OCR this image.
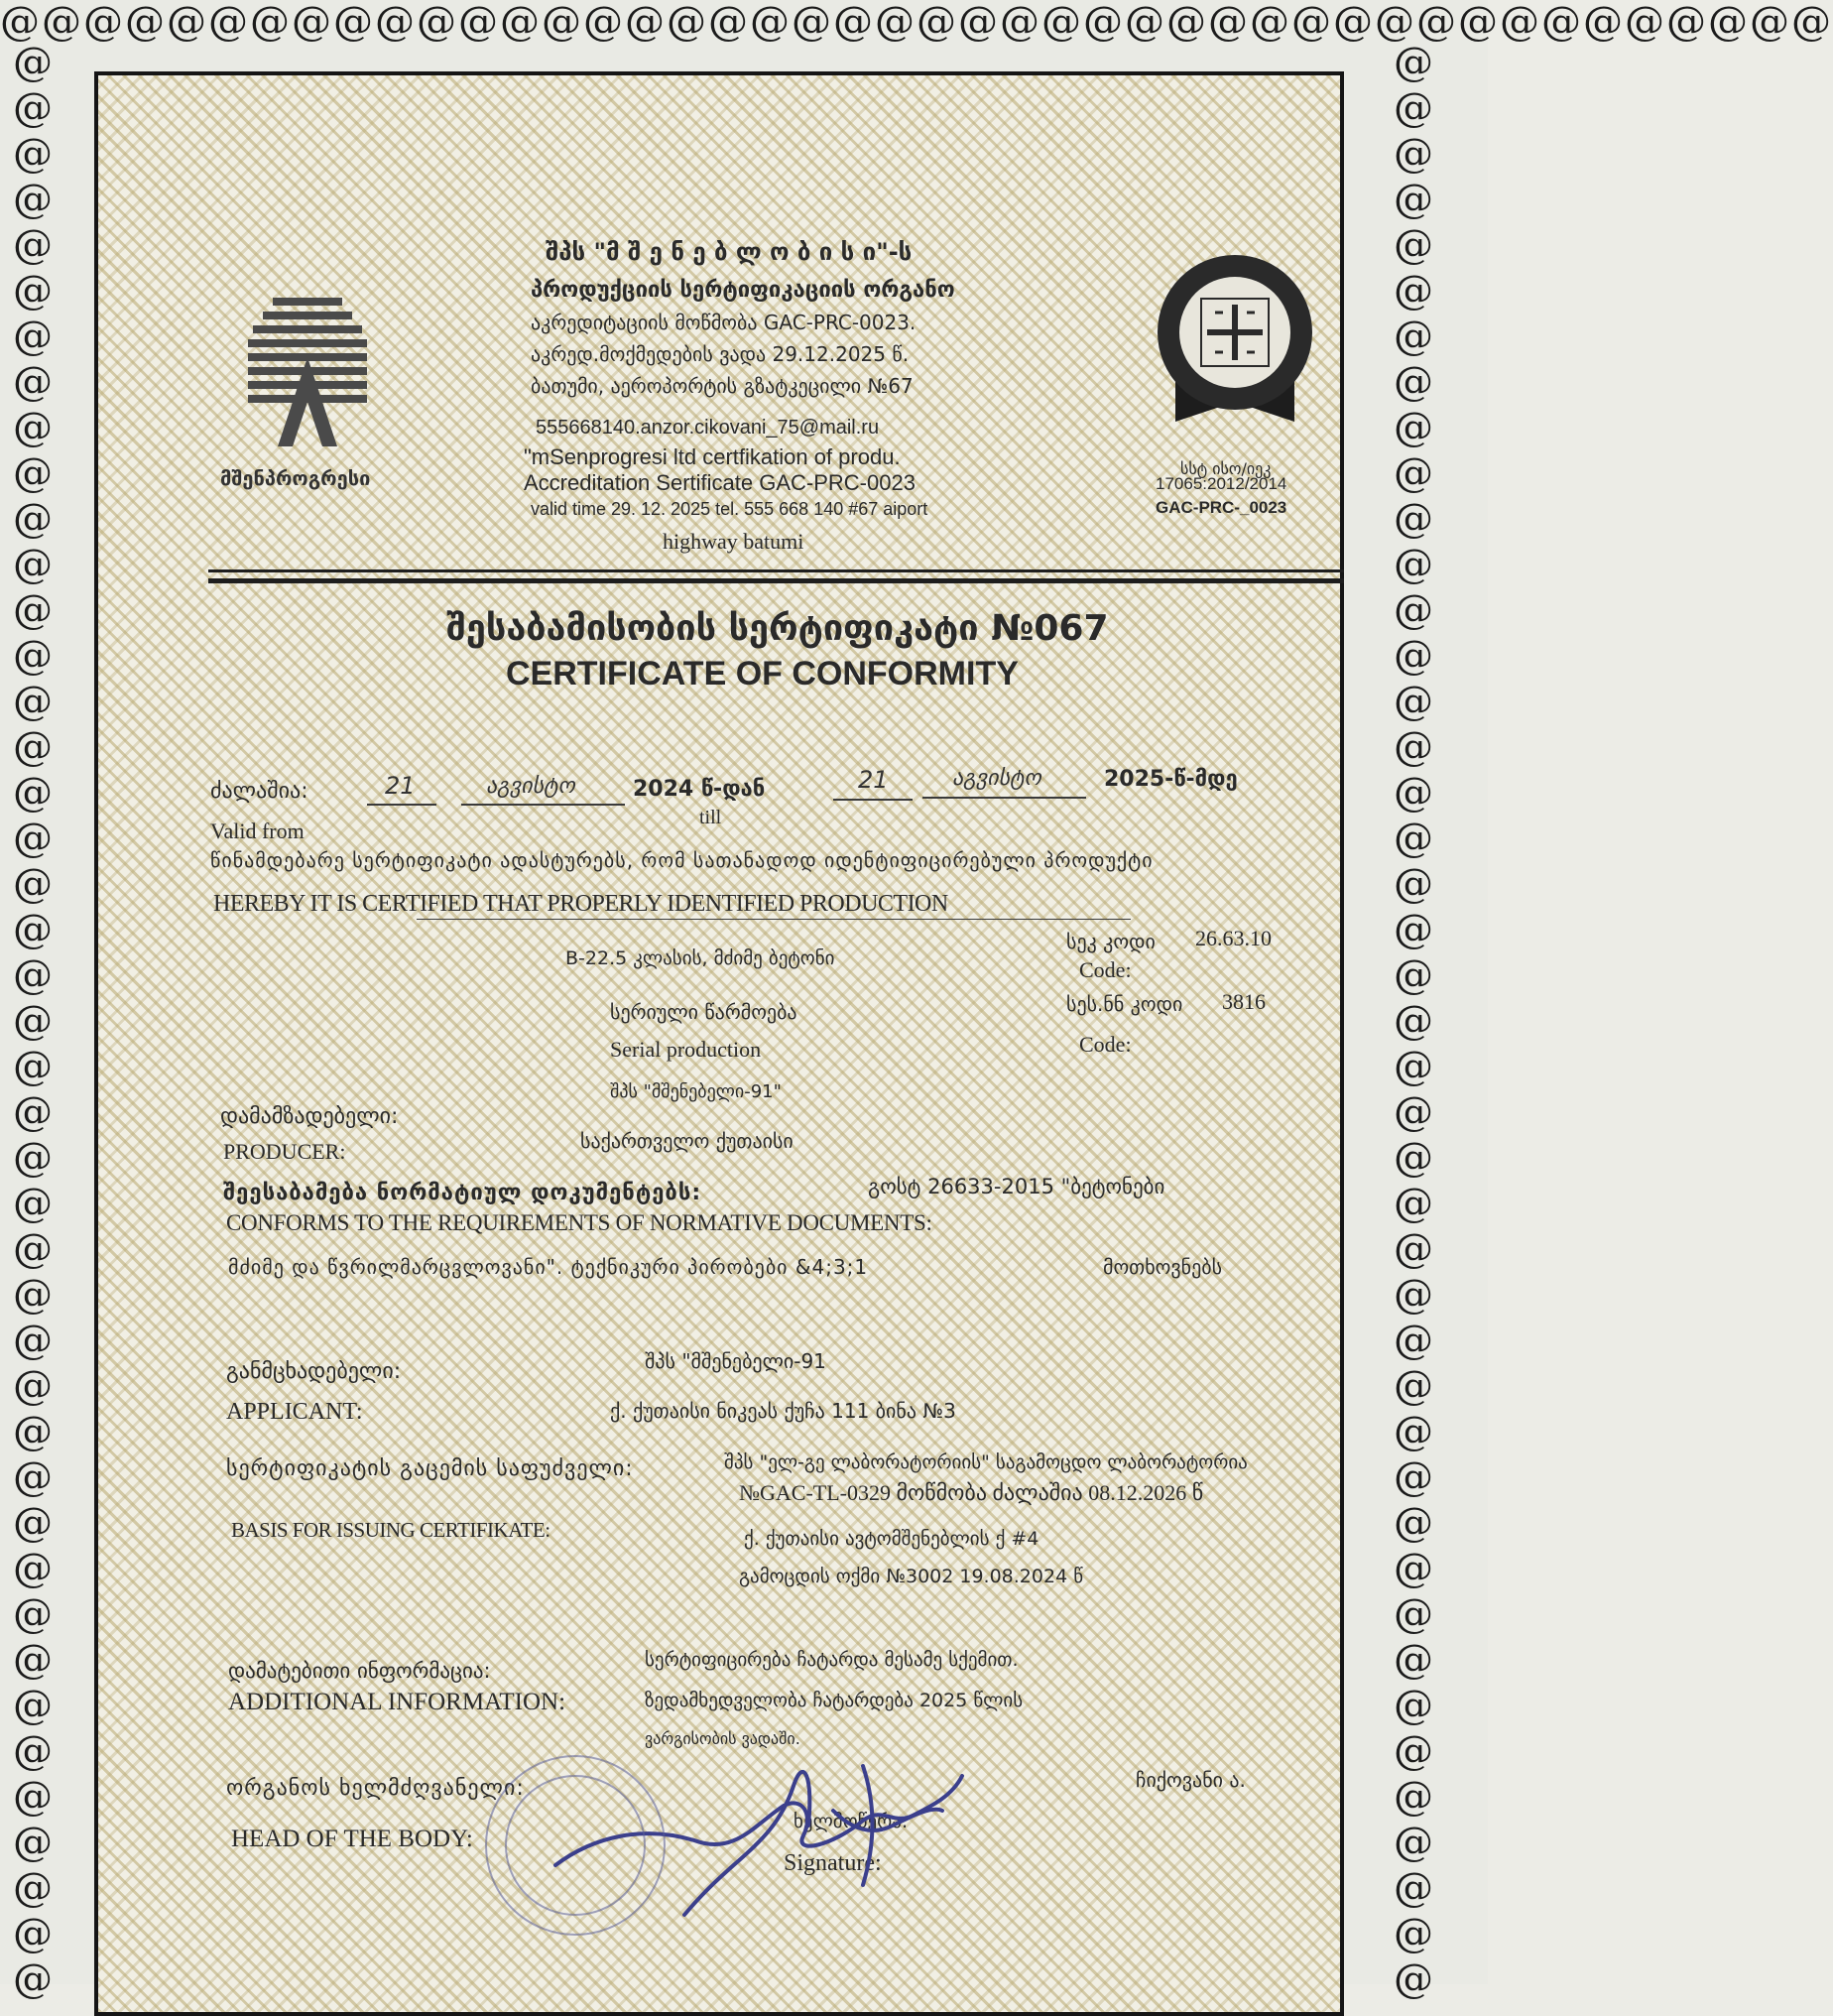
@@@@@@@@@@@@@@@@@@@@@@@@@@@@@@@@@@@@@@@@@@@@
@
@
@
@
@
@
@
@
@
@
@
@
@
@
@
@
@
@
@
@
@
@
@
@
@
@
@
@
@
@
@
@
@
@
@
@
@
@
@
@
@
@
@
@
@
@
@
@
@
@
@
@
@
@
@
@
@
@
@
@
@
@
@
@
@
@
@
@
@
@
@
@
@
@
@
@
@
@
@
@
@
@
@
@
@
@
მშენპროგრესი
შპს "მ შ ე ნ ე ბ ლ ო ბ ი ს ი"-ს
პროდუქციის სერტიფიკაციის ორგანო
აკრედიტაციის მოწმობა GAC-PRC-0023.
აკრედ.მოქმედების ვადა 29.12.2025 წ.
ბათუმი, აეროპორტის გზატკეცილი №67
555668140.anzor.cikovani_75@mail.ru
"mSenprogresi ltd certfikation of produ.
Accreditation Sertificate GAC-PRC-0023
valid time 29. 12. 2025 tel. 555 668 140 #67 aiport
highway batumi
სსტ ისო/იეკ
17065:2012/2014
GAC-PRC-_0023
შესაბამისობის სერტიფიკატი №067
CERTIFICATE OF CONFORMITY
ძალაშია:
Valid from
21	აგვისტო	2024 წ-დან
till
21	აგვისტო	2025-წ-მდე
წინამდებარე სერტიფიკატი ადასტურებს, რომ სათანადოდ იდენტიფიცირებული პროდუქტი
HEREBY IT IS CERTIFIED THAT PROPERLY IDENTIFIED PRODUCTION
B-22.5 კლასის, მძიმე ბეტონი
სეკ კოდი 26.63.10
Code:
სერიული წარმოება	სეს.ნნ კოდი 3816
Serial production	Code:
შპს "მშენებელი-91"
დამამზადებელი:
PRODUCER:	საქართველო ქუთაისი
შეესაბამება ნორმატიულ დოკუმენტებს:	გოსტ 26633-2015 "ბეტონები
CONFORMS TO THE REQUIREMENTS OF NORMATIVE DOCUMENTS:
მძიმე და წვრილმარცვლოვანი". ტექნიკური პირობები &4;3;1	მოთხოვნებს
შპს "მშენებელი-91
განმცხადებელი:
APPLICANT:	ქ. ქუთაისი ნიკეას ქუჩა 111 ბინა №3
სერტიფიკატის გაცემის საფუძველი:	შპს "ელ-გე ლაბორატორიის" საგამოცდო ლაბორატორია
№GAC-TL-0329 მოწმობა ძალაშია 08.12.2026 წ
BASIS FOR ISSUING CERTIFIKATE:	ქ. ქუთაისი ავტომშენებლის ქ #4
გამოცდის ოქმი №3002 19.08.2024 წ
დამატებითი ინფორმაცია:	სერტიფიცირება ჩატარდა მესამე სქემით.
ADDITIONAL INFORMATION:	ზედამხედველობა ჩატარდება 2025 წლის
ვარგისობის ვადაში.
ორგანოს ხელმძღვანელი:
HEAD OF THE BODY:
ჩიქოვანი ა.
ხელმოწერა:
Signature:
